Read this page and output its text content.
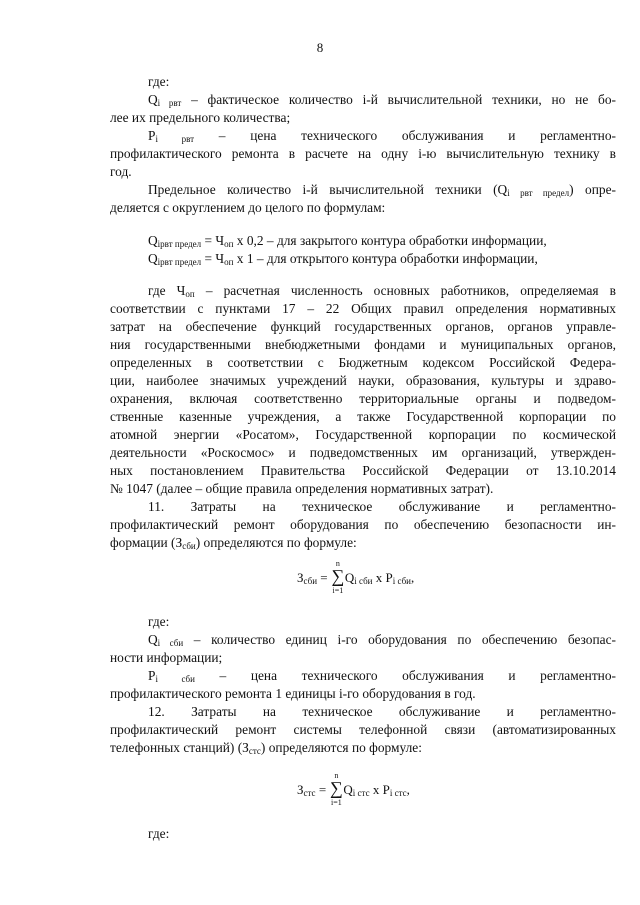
8
где:
Qi рвт – фактическое количество i-й вычислительной техники, но не бо-
лее их предельного количества;
Pi рвт – цена технического обслуживания и регламентно-
профилактического ремонта в расчете на одну i-ю вычислительную технику в
год.
Предельное количество i-й вычислительной техники (Qi рвт предел) опре-
деляется с округлением до целого по формулам:
Qiрвт предел = Чоп х 0,2 – для закрытого контура обработки информации,
Qiрвт предел = Чоп х 1 – для открытого контура обработки информации,
где Чоп – расчетная численность основных работников, определяемая в
соответствии с пунктами 17 – 22 Общих правил определения нормативных
затрат на обеспечение функций государственных органов, органов управле-
ния государственными внебюджетными фондами и муниципальных органов,
определенных в соответствии с Бюджетным кодексом Российской Федера-
ции, наиболее значимых учреждений науки, образования, культуры и здраво-
охранения, включая соответственно территориальные органы и подведом-
ственные казенные учреждения, а также Государственной корпорации по
атомной энергии «Росатом», Государственной корпорации по космической
деятельности «Роскосмос» и подведомственных им организаций, утвержден-
ных постановлением Правительства Российской Федерации от 13.10.2014
№ 1047 (далее – общие правила определения нормативных затрат).
11. Затраты на техническое обслуживание и регламентно-
профилактический ремонт оборудования по обеспечению безопасности ин-
формации (Зсби) определяются по формуле:
Зсби =
n
∑
i=1
Qi сби х Pi сби,
где:
Qi сби – количество единиц i-го оборудования по обеспечению безопас-
ности информации;
Pi сби – цена технического обслуживания и регламентно-
профилактического ремонта 1 единицы i-го оборудования в год.
12. Затраты на техническое обслуживание и регламентно-
профилактический ремонт системы телефонной связи (автоматизированных
телефонных станций) (Зстс) определяются по формуле:
Зстс =
n
∑
i=1
Qi стс х Pi стс,
где:
